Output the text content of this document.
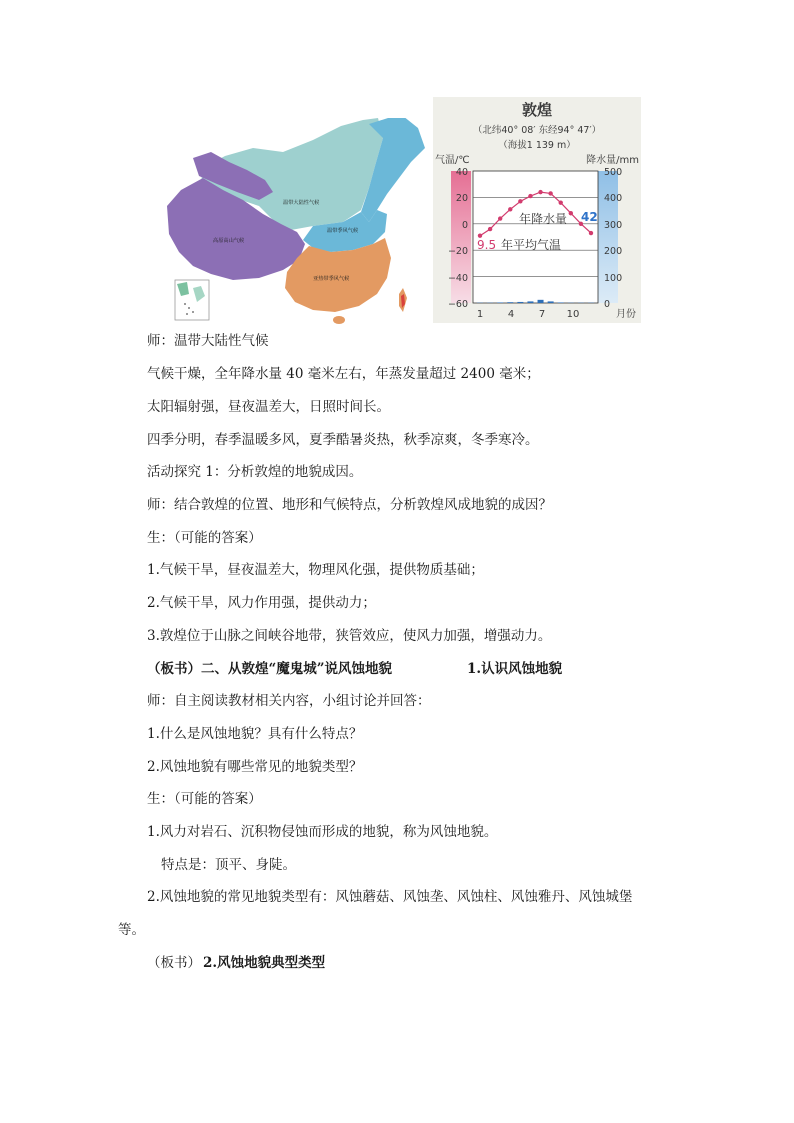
温带大陆性气候
高原高山气候
温带季风气候
亚热带季风气候
敦煌
（北纬40° 08′ 东经94° 47′）
（海拔1 139 m）
气温/℃	降水量/mm
40
20
0
−20
−40
−60
500
400
300
200
100
0
年降水量 42
9.5 年平均气温
1 4 7 10	月份
师：温带大陆性气候
气候干燥，全年降水量 40 毫米左右，年蒸发量超过 2400 毫米；
太阳辐射强，昼夜温差大，日照时间长。
四季分明，春季温暖多风，夏季酷暑炎热，秋季凉爽，冬季寒冷。
活动探究 1：分析敦煌的地貌成因。
师：结合敦煌的位置、地形和气候特点，分析敦煌风成地貌的成因？
生：（可能的答案）
1.气候干旱，昼夜温差大，物理风化强，提供物质基础；
2.气候干旱，风力作用强，提供动力；
3.敦煌位于山脉之间峡谷地带，狭管效应，使风力加强，增强动力。
（板书）二、从敦煌“魔鬼城”说风蚀地貌	1.认识风蚀地貌
师：自主阅读教材相关内容，小组讨论并回答：
1.什么是风蚀地貌？具有什么特点？
2.风蚀地貌有哪些常见的地貌类型？
生：（可能的答案）
1.风力对岩石、沉积物侵蚀而形成的地貌，称为风蚀地貌。
特点是：顶平、身陡。
2.风蚀地貌的常见地貌类型有：风蚀蘑菇、风蚀垄、风蚀柱、风蚀雅丹、风蚀城堡
等。
（板书） 2.风蚀地貌典型类型
